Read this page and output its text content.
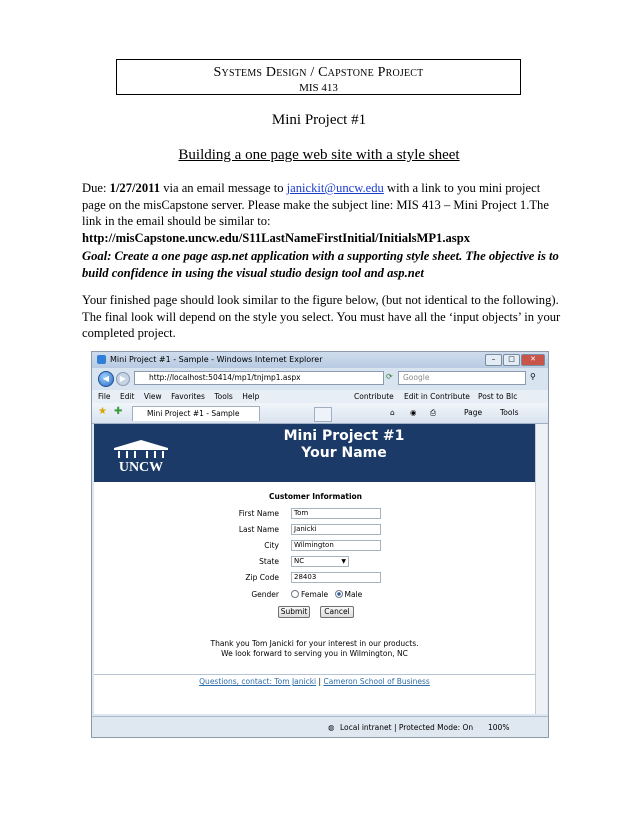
Systems Design / Capstone Project
MIS 413
Mini Project #1
Building a one page web site with a style sheet
Due: 1/27/2011 via an email message to janickit@uncw.edu with a link to you mini project page on the misCapstone server. Please make the subject line: MIS 413 – Mini Project 1.The link in the email should be similar to:
http://misCapstone.uncw.edu/S11LastNameFirstInitial/InitialsMP1.aspx
Goal: Create a one page asp.net application with a supporting style sheet. The objective is to build confidence in using the visual studio design tool and asp.net
Your finished page should look similar to the figure below, (but not identical to the following). The final look will depend on the style you select. You must have all the ‘input objects’ in your completed project.
Mini Project #1 - Sample - Windows Internet Explorer	– □ ✕
◀	▶	http://localhost:50414/mp1/tnjmp1.aspx	⟳	Google	⚲
File Edit View Favorites Tools Help	Contribute Edit in Contribute Post to Blc
★ ✚	Mini Project #1 - Sample	⌂ ◉ ⎙	Page Tools
UNCW
Mini Project #1
Your Name
Customer Information
First Name	Tom
Last Name	Janicki
City	Wilmington
State	NC	▼
Zip Code	28403
Gender	Female Male
Submit	Cancel
Thank you Tom Janicki for your interest in our products.
We look forward to serving you in Wilmington, NC
Questions, contact: Tom Janicki | Cameron School of Business
◍ Local intranet | Protected Mode: On 100%
